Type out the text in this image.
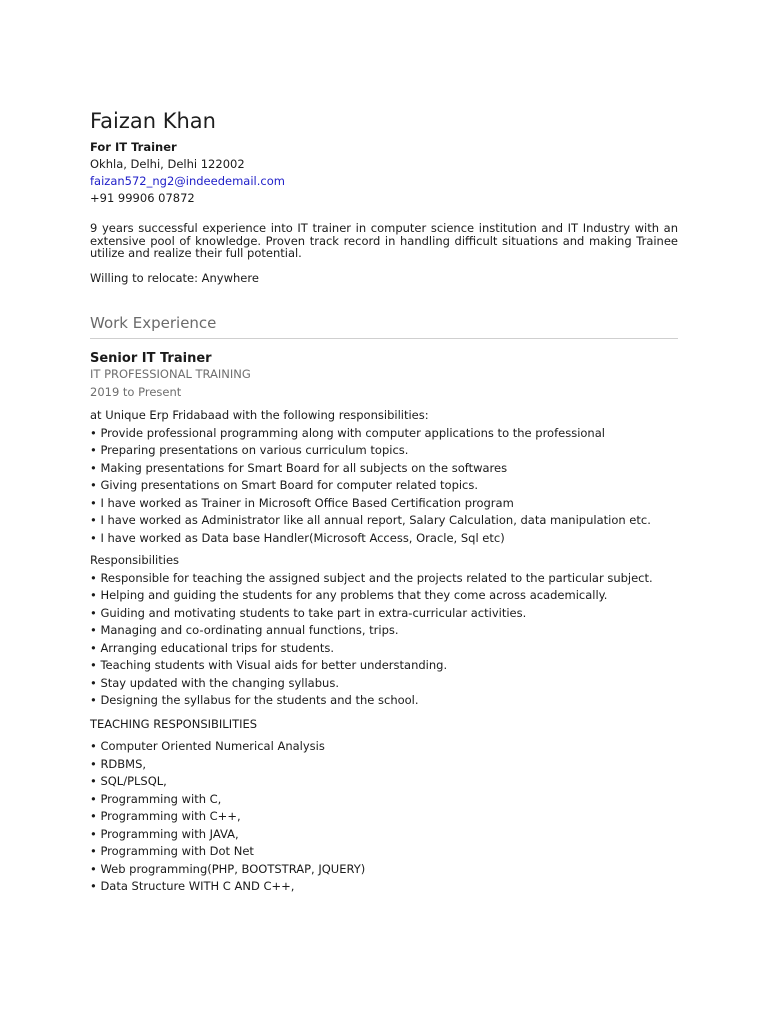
Faizan Khan
For IT Trainer
Okhla, Delhi, Delhi 122002
faizan572_ng2@indeedemail.com
+91 99906 07872
9 years successful experience into IT trainer in computer science institution and IT Industry with an extensive pool of knowledge. Proven track record in handling difficult situations and making Trainee utilize and realize their full potential.
Willing to relocate: Anywhere
Work Experience
Senior IT Trainer
IT PROFESSIONAL TRAINING
2019 to Present
at Unique Erp Fridabaad with the following responsibilities:
• Provide professional programming along with computer applications to the professional
• Preparing presentations on various curriculum topics.
• Making presentations for Smart Board for all subjects on the softwares
• Giving presentations on Smart Board for computer related topics.
• I have worked as Trainer in Microsoft Office Based Certification program
• I have worked as Administrator like all annual report, Salary Calculation, data manipulation etc.
• I have worked as Data base Handler(Microsoft Access, Oracle, Sql etc)
Responsibilities
• Responsible for teaching the assigned subject and the projects related to the particular subject.
• Helping and guiding the students for any problems that they come across academically.
• Guiding and motivating students to take part in extra-curricular activities.
• Managing and co-ordinating annual functions, trips.
• Arranging educational trips for students.
• Teaching students with Visual aids for better understanding.
• Stay updated with the changing syllabus.
• Designing the syllabus for the students and the school.
TEACHING RESPONSIBILITIES
• Computer Oriented Numerical Analysis
• RDBMS,
• SQL/PLSQL,
• Programming with C,
• Programming with C++,
• Programming with JAVA,
• Programming with Dot Net
• Web programming(PHP, BOOTSTRAP, JQUERY)
• Data Structure WITH C AND C++,
